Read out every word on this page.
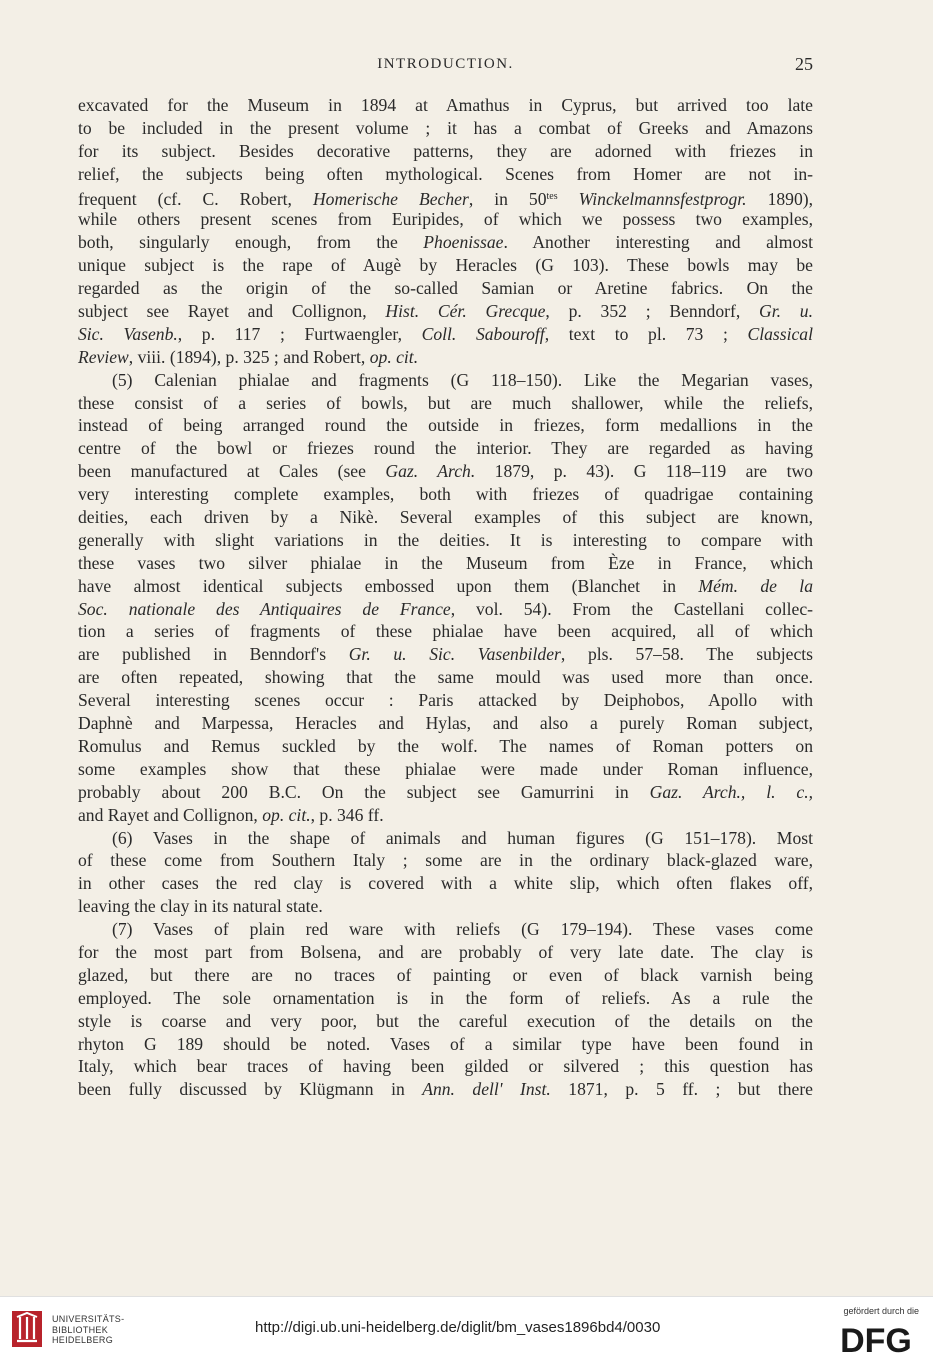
INTRODUCTION.	25
excavated for the Museum in 1894 at Amathus in Cyprus, but arrived too late
to be included in the present volume ; it has a combat of Greeks and Amazons
for its subject. Besides decorative patterns, they are adorned with friezes in
relief, the subjects being often mythological. Scenes from Homer are not in-
frequent (cf. C. Robert, Homerische Becher, in $50^{tes}$ Winckelmannsfestprogr. 1890),
while others present scenes from Euripides, of which we possess two examples,
both, singularly enough, from the Phoenissae. Another interesting and almost
unique subject is the rape of Augè by Heracles (G 103). These bowls may be
regarded as the origin of the so-called Samian or Aretine fabrics. On the
subject see Rayet and Collignon, Hist. Cér. Grecque, p. 352 ; Benndorf, Gr. u.
Sic. Vasenb., p. 117 ; Furtwaengler, Coll. Sabouroff, text to pl. 73 ; Classical
Review, viii. (1894), p. 325 ; and Robert, op. cit.
(5) Calenian phialae and fragments (G 118–150). Like the Megarian vases,
these consist of a series of bowls, but are much shallower, while the reliefs,
instead of being arranged round the outside in friezes, form medallions in the
centre of the bowl or friezes round the interior. They are regarded as having
been manufactured at Cales (see Gaz. Arch. 1879, p. 43). G 118–119 are two
very interesting complete examples, both with friezes of quadrigae containing
deities, each driven by a Nikè. Several examples of this subject are known,
generally with slight variations in the deities. It is interesting to compare with
these vases two silver phialae in the Museum from Èze in France, which
have almost identical subjects embossed upon them (Blanchet in Mém. de la
Soc. nationale des Antiquaires de France, vol. 54). From the Castellani collec-
tion a series of fragments of these phialae have been acquired, all of which
are published in Benndorf's Gr. u. Sic. Vasenbilder, pls. 57–58. The subjects
are often repeated, showing that the same mould was used more than once.
Several interesting scenes occur : Paris attacked by Deiphobos, Apollo with
Daphnè and Marpessa, Heracles and Hylas, and also a purely Roman subject,
Romulus and Remus suckled by the wolf. The names of Roman potters on
some examples show that these phialae were made under Roman influence,
probably about 200 B.C. On the subject see Gamurrini in Gaz. Arch., l. c.,
and Rayet and Collignon, op. cit., p. 346 ff.
(6) Vases in the shape of animals and human figures (G 151–178). Most
of these come from Southern Italy ; some are in the ordinary black-glazed ware,
in other cases the red clay is covered with a white slip, which often flakes off,
leaving the clay in its natural state.
(7) Vases of plain red ware with reliefs (G 179–194). These vases come
for the most part from Bolsena, and are probably of very late date. The clay is
glazed, but there are no traces of painting or even of black varnish being
employed. The sole ornamentation is in the form of reliefs. As a rule the
style is coarse and very poor, but the careful execution of the details on the
rhyton G 189 should be noted. Vases of a similar type have been found in
Italy, which bear traces of having been gilded or silvered ; this question has
been fully discussed by Klügmann in Ann. dell' Inst. 1871, p. 5 ff. ; but there
UNIVERSITÄTS-
BIBLIOTHEK
HEIDELBERG
http://digi.ub.uni-heidelberg.de/diglit/bm_vases1896bd4/0030
gefördert durch die
DFG
